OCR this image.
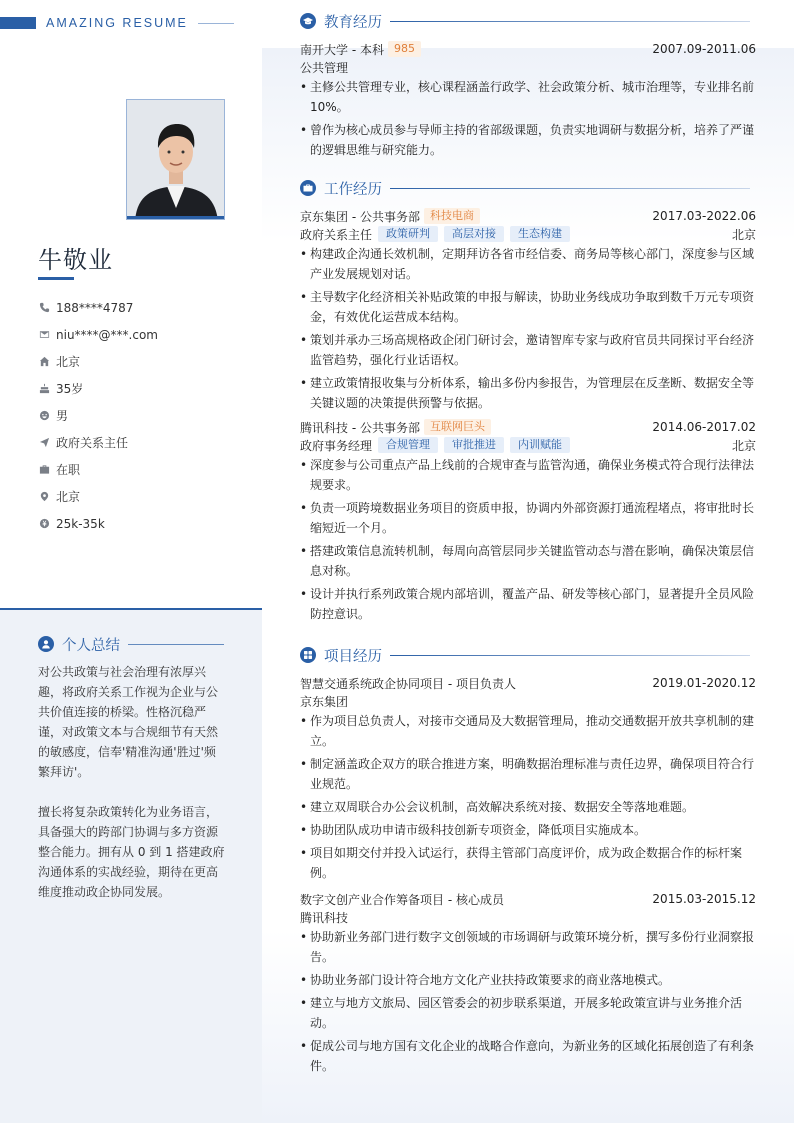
AMAZING RESUME
牛敬业
188****4787
niu****@***.com
北京
35岁
男
政府关系主任
在职
北京
25k-35k
个人总结

对公共政策与社会治理有浓厚兴趣，将政府关系工作视为企业与公共价值连接的桥梁。性格沉稳严谨，对政策文本与合规细节有天然的敏感度，信奉'精准沟通'胜过'频繁拜访'。

擅长将复杂政策转化为业务语言，具备强大的跨部门协调与多方资源整合能力。拥有从 0 到 1 搭建政府沟通体系的实战经验，期待在更高维度推动政企协同发展。

教育经历
南开大学 - 本科 985	2007.09-2011.06
公共管理
• 主修公共管理专业，核心课程涵盖行政学、社会政策分析、城市治理等，专业排名前10%。
• 曾作为核心成员参与导师主持的省部级课题，负责实地调研与数据分析，培养了严谨的逻辑思维与研究能力。
工作经历
京东集团 - 公共事务部 科技电商	2017.03-2022.06
政府关系主任	政策研判	高层对接	生态构建	北京
• 构建政企沟通长效机制，定期拜访各省市经信委、商务局等核心部门，深度参与区域产业发展规划对话。
• 主导数字化经济相关补贴政策的申报与解读，协助业务线成功争取到数千万元专项资金，有效优化运营成本结构。
• 策划并承办三场高规格政企闭门研讨会，邀请智库专家与政府官员共同探讨平台经济监管趋势，强化行业话语权。
• 建立政策情报收集与分析体系，输出多份内参报告，为管理层在反垄断、数据安全等关键议题的决策提供预警与依据。
腾讯科技 - 公共事务部 互联网巨头	2014.06-2017.02
政府事务经理	合规管理	审批推进	内训赋能	北京
• 深度参与公司重点产品上线前的合规审查与监管沟通，确保业务模式符合现行法律法规要求。
• 负责一项跨境数据业务项目的资质申报，协调内外部资源打通流程堵点，将审批时长缩短近一个月。
• 搭建政策信息流转机制，每周向高管层同步关键监管动态与潜在影响，确保决策层信息对称。
• 设计并执行系列政策合规内部培训，覆盖产品、研发等核心部门，显著提升全员风险防控意识。
项目经历
智慧交通系统政企协同项目 - 项目负责人	2019.01-2020.12
京东集团
• 作为项目总负责人，对接市交通局及大数据管理局，推动交通数据开放共享机制的建立。
• 制定涵盖政企双方的联合推进方案，明确数据治理标准与责任边界，确保项目符合行业规范。
• 建立双周联合办公会议机制，高效解决系统对接、数据安全等落地难题。
• 协助团队成功申请市级科技创新专项资金，降低项目实施成本。
• 项目如期交付并投入试运行，获得主管部门高度评价，成为政企数据合作的标杆案例。
数字文创产业合作筹备项目 - 核心成员	2015.03-2015.12
腾讯科技
• 协助新业务部门进行数字文创领域的市场调研与政策环境分析，撰写多份行业洞察报告。
• 协助业务部门设计符合地方文化产业扶持政策要求的商业落地模式。
• 建立与地方文旅局、园区管委会的初步联系渠道，开展多轮政策宣讲与业务推介活动。
• 促成公司与地方国有文化企业的战略合作意向，为新业务的区域化拓展创造了有利条件。
